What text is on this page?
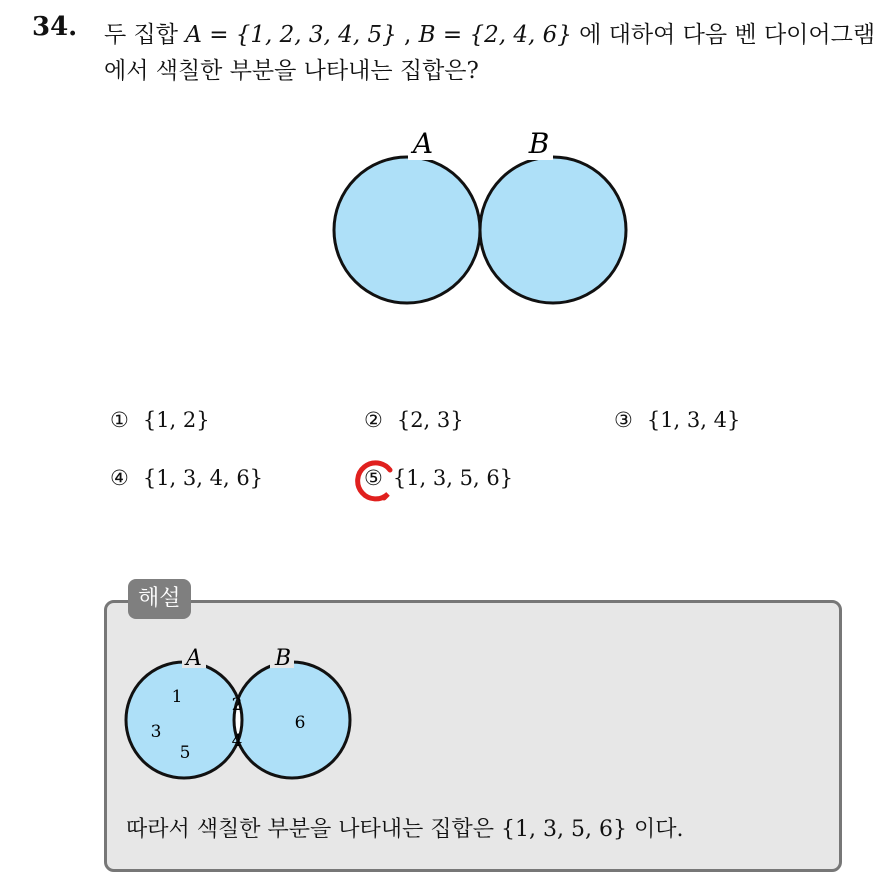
34. 두 집합 A = {1, 2, 3, 4, 5} , B = {2, 4, 6} 에 대하여 다음 벤 다이어그램
에서 색칠한 부분을 나타내는 집합은?
A	B
① {1, 2}	② {2, 3}	③ {1, 3, 4}
④ {1, 3, 4, 6}	⑤ {1, 3, 5, 6}
해설
A	B
1
3
5
2
4
6
따라서 색칠한 부분을 나타내는 집합은 {1, 3, 5, 6} 이다.
